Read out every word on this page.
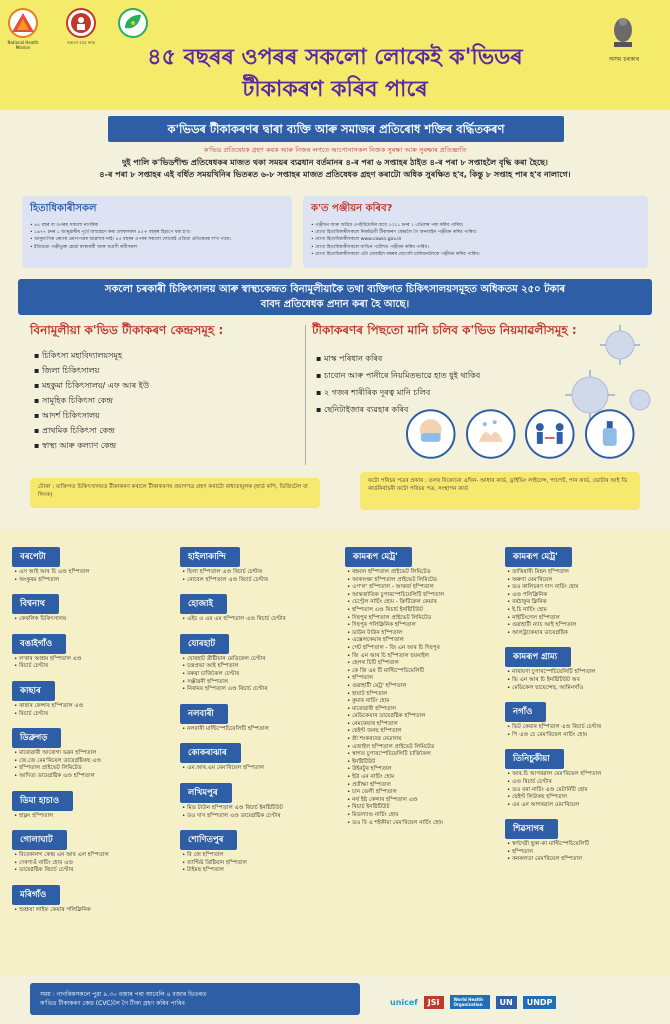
National Health Mission
সকলো বাবে স্বাস্থ্য
অসম চৰকাৰ
৪৫ বছৰৰ ওপৰৰ সকলো লোকেই ক'ভিডৰ
টীকাকৰণ কৰিব পাৰে
ক'ভিডৰ টীকাকৰণৰ দ্বাৰা ব্যক্তি আৰু সমাজৰ প্ৰতিৰোধ শক্তিৰ বৰ্দ্ধিতকৰণ
ক'ভিড প্ৰতিষেধক গ্ৰহণ কৰক আৰু নিজৰ লগতে আপোনাসকল নিজক সুৰক্ষা আৰু সুৰক্ষাৰ প্ৰতিজ্ঞাতি
দুই পালি ক'ভিডশীল্ড প্ৰতিষেধকৰ মাজত থকা সময়ৰ ব্যৱধান বৰ্তমানৰ ৪-ৰ পৰা ৬ সপ্তাহৰ ঠাইত ৪-ৰ পৰা ৮ সপ্তাহলৈ বৃদ্ধি কৰা হৈছে।
৪-ৰ পৰা ৮ সপ্তাহৰ এই বৰ্ধিত সময়খিনিৰ ভিতৰত ৬-৮ সপ্তাহৰ মাজত প্ৰতিষেধক গ্ৰহণ কৰাটো অধিক সুৰক্ষিত হ'ব, কিন্তু ৮ সপ্তাহ পাৰ হ'ব নালাগে।
হিতাধিকাৰীসকল
• ৪৫ বছৰ বা ওপৰৰ সকলো নাগৰিক
• ১৯৭৭ চনৰ ১ জানুৱাৰীৰ পূৰ্বে জন্মগ্ৰহণ কৰা লোকসকল ৪৫+ বছৰৰ হিচাপে ধৰা হ'ব।
• আনুষংগিক ৰোগৰ প্ৰমাণপত্ৰৰ আৱশ্যক নাই। ৪৫ বছৰৰ ওপৰৰ সকলো লোকেই এতিয়া প্ৰতিষেধক ল'ব পাৰে।
• ইতিমধ্যে পঞ্জীভুক্ত হোৱা স্বাস্থ্যকৰ্মী আৰু অগ্ৰণী কৰ্মীসকল
ক'ত পঞ্জীয়ন কৰিব?
• পঞ্জীয়ন আৰু অগ্ৰিম এপইণ্টমেণ্টৰ বাবে ২০২১ চনৰ ১ এপ্ৰিলৰ পৰা কৰিব পাৰিব।
• যোগ্য হিতাধিকাৰীসকলে নিকটৱৰ্তী টীকাকৰণ কেন্দ্ৰলৈ গৈ অনলাইন পঞ্জীয়ন কৰিব পাৰিব।
• যোগ্য হিতাধিকাৰীসকলে www.cowin.gov.in
• যোগ্য হিতাধিকাৰীসকলে ক'ভিন পৰ্টেলত পঞ্জীয়ন কৰিব পাৰিব।
• যোগ্য হিতাধিকাৰীসকলে এটা মোবাইল নম্বৰৰ যোগেদি চাৰিজনলৈকে পঞ্জীয়ন কৰিব পাৰিব।
সকলো চৰকাৰী চিকিৎসালয় আৰু স্বাস্থ্যকেন্দ্ৰত বিনামূলীয়াকৈ তথা ব্যক্তিগত চিকিৎসালয়সমূহত অধিকতম ২৫০ টকাৰ
বাবদ প্ৰতিষেধক প্ৰদান কৰা হৈ আছে।
বিনামূলীয়া ক'ভিড টীকাকৰণ কেন্দ্ৰসমূহ :
▪ চিকিৎসা মহাবিদ্যালয়সমূহ
▪ জিলা চিকিৎসালয়
▪ মহকুমা চিকিৎসালয়/ এফ আৰ ইউ
▪ সামূহিক চিকিৎসা কেন্দ্ৰ
▪ আদৰ্শ চিকিৎসালয়
▪ প্ৰাথমিক চিকিৎসা কেন্দ্ৰ
▪ স্বাস্থ্য আৰু কল্যাণ কেন্দ্ৰ
টীকাকৰণৰ পিছতো মানি চলিব ক'ভিড নিয়মাৱলীসমূহ :
▪ মাস্ক পৰিধান কৰিব
▪ চাবোন আৰু পানীৰে নিয়মিতভাৱে হাত ধুই থাকিব
▪ ২ গজৰ শাৰীৰিক দূৰত্ব মানি চলিব
▪ ছেনিটাইজাৰ ব্যৱহাৰ কৰিব
টোকা : ব্যক্তিগত চিকিৎসালয়ত টীকাকৰণ কৰালে টীকাকৰণৰ প্ৰমাণপত্ৰ গ্ৰহণ কৰাটো বাধ্যতামূলক (হাৰ্ড কপি, ডিজিটেল বা লিংক)
ফটো পৰিচয় পত্ৰৰ প্ৰকাৰ : তলৰ যিকোনো এখিন- আধাৰ কাৰ্ড, ড্ৰাইভিং লাইচেন্স, পাচপৰ্ট, পান কাৰ্ড, ভোটাৰ আই ডি কাৰ্ডনিৰ্বাচনী ফটো পৰিচয় পত্ৰ, সংস্থাপন কাৰ্ড
বৰপেটা
• এস আই আৰ চি এণ্ড হস্পিতাল
• অংকুৰম হস্পিতাল
বিশ্বনাথ
• কেথলিক চিকিৎসালয়
বঙাইগাঁও
• ল'ৰাৰ আশ্ৰম হস্পিতাল এণ্ড
• ৰিচাৰ্চ চেণ্টাৰ
কাছাৰ
• কাছাৰ কেন্সাৰ হস্পিতাল এণ্ড
• ৰিচাৰ্চ চেণ্টাৰ
ডিব্ৰুগড়
• মাৰোৱাৰী আৰোগ্য ভৱন হস্পিতাল
• জে.জে মেম'ৰিয়েল ডায়েগ্নষ্টিকছ এণ্ড
• হস্পিতাল প্ৰাইভেট লিমিটেড
• আদিত্য ডায়েগ্নষ্টিক এণ্ড হস্পিতাল
ডিমা হাচাও
• হাফ্লং হস্পিতাল
গোলাঘাট
• বিবেকানন্দ কেন্দ্ৰ এন আৰ এল হস্পিতাল
• দেৰগাওঁ নাৰ্চিং হোম এণ্ড
• ডায়েগ্নষ্টিক ৰিচাৰ্চ চেণ্টাৰ
মৰিগাঁও
• শুশ্ৰূষা লাইফ কেয়াৰ পলিক্লিনিক
হাইলাকান্দি
• ছিলা হস্পিতাল এণ্ড ৰিচাৰ্চ চেণ্টাৰ
• নোবেল হস্পিতাল এণ্ড ৰিচাৰ্চ চেণ্টাৰ
হোজাই
• এইচ এ এম এম হস্পিতাল এণ্ড ৰিচাৰ্চ চেণ্টাৰ
যোৰহাট
• যোৰহাট খ্ৰীষ্টীয়ান মেডিকেল চেণ্টাৰ
• চন্দ্ৰপ্ৰভা আই হস্পিতাল
• বৰুৱা চাৰ্জিকেল চেণ্টাৰ
• সঞ্জীৱনী হস্পিতাল
• নিৰাময় হস্পিতাল এণ্ড ৰিচাৰ্চ চেণ্টাৰ
নলবাৰী
• নলবাৰী মাল্টিস্পেচিয়েলিটি হস্পিতাল
কোকৰাঝাৰ
• এম.আৰ.এম মেম'ৰিয়েল হস্পিতাল
লখিমপুৰ
• মিড টাউন হস্পিতাল এণ্ড ৰিচাৰ্চ ইনষ্টিটিউট
• ডও দাস হস্পিতাল এণ্ড ডায়েগ্নষ্টিক চেণ্টাৰ
শোণিতপুৰ
• বি জে হস্পিতাল
• ব্যাপ্টিষ্ট খ্ৰিষ্টিয়ান হস্পিতাল
• টাইমছ হস্পিতাল
কামৰূপ মেট্ৰ'
• ৰহমান হস্পিতাল প্ৰাইভেট লিমিটেড
• আকাংক্ষা হস্পিতাল প্ৰাইভেট লিমিটেড
• এপ'ল' হস্পিতাল - আন্তৰ্জ হস্পিতাল
• আন্তৰ্জাতিক চুপাৰস্পেচিয়েলিটি হস্পিতাল
• চেণ্ট্ৰেল নাৰ্চিং হোম - ক্ৰিটিকেল কেয়াৰ
• হস্পিতাল এণ্ড ৰিচাৰ্চ ইনষ্টিটিউট
• দিছপুৰ হস্পিতাল প্ৰাইভেট লিমিটেড
• দিছপুৰ পলিক্লিনিক হস্পিতাল
• ডাউন টাউন হস্পিতাল
• এক্সেলকেয়াৰ হস্পিতাল
• গেট হস্পিতাল - জি এন আৰ চি দিছপুৰ
• জি এন আৰ চি হস্পিতাল ছয়মাইল
• হেলথ চিটি হস্পিতাল
• কে জি এম টি মাল্টিস্পেচিয়েলিটি
• হস্পিতাল
• গুৱাহাটী মেট্ৰ' হস্পিতাল
• হায়াট হস্পিতাল
• কুমাৰ নাৰ্চিং হোম
• মাৰোৱাৰী হস্পিতাল
• মেডিকেয়াৰ ডায়েগ্নষ্টিক হস্পিতাল
• নেমকেয়াৰ হস্পিতাল
• ছেইণ্ট জনছ হস্পিতাল
• শ্ৰী শংকৰদেৱ নেত্ৰালয়
• এজাইল হস্পিতাল প্ৰাইভেট লিমিটেড
• স্বাগত চুপাৰস্পেচিয়েলিটি চাৰ্জিকেল
• ইনষ্টিটিউট
• উইনটুৰ হস্পিতাল
• ইউ এন নাৰ্চিং হোম
• প্ৰতীক্ষা হস্পিতাল
• চান ভেলী হস্পিতাল
• নৰ্থ ইষ্ট কেন্সাৰ হস্পিতাল এণ্ড
• ৰিচাৰ্চ ইনষ্টিটিউট
• মিডল্যাণ্ড নাৰ্চিং হোম
• ডও বি এ শইকীয়া মেম'ৰিয়েল নাৰ্চিং হোম
কামৰূপ মেট্ৰ'
• তাত্তিৰাৰী মিছন হস্পিতাল
• অৰুণা মেম'ৰিয়েল
• ডও কালিচৰণ দাস নাৰ্চিং হোম
• এণ্ড পলিক্লিনিক
• বৰঠাকুৰ ক্লিনিক
• ই.চি নাৰ্চিং হোম
• নাইটিংগেল হস্পিতাল
• গুৱাহাটী ন্যাচ আই হস্পিতাল
• আলট্ৰাকেয়াৰ ডায়েগ্নষ্টিক
কামৰূপ গ্ৰাম্য
• নাৰায়ণা চুপাৰস্পেচিয়েলিটি হস্পিতাল
• ভি এন আৰ চি ইনষ্টিটিউট অব
• মেডিকেল ছায়েন্সেছ, আমিনগাঁও
নগাঁও
• ভিট কেয়াৰ হস্পিতাল এণ্ড ৰিচাৰ্চ চেণ্টাৰ
• পি এণ্ড চে মেম'ৰিয়েল নাৰ্চিং হোম
তিনিচুকীয়া
• আৰ.চি আগৰৱাল মেম'ৰিয়েল হস্পিতাল
• এণ্ড ৰিচাৰ্চ চেণ্টাৰ
• ডও বৰা নাৰ্চিং এণ্ড মেটাৰ্নিটি হোম
• ছেইণ্ট লিউকছ হস্পিতাল
• এম এন আগৰৱাল মেম'ৰিয়েল
শিৱসাগৰ
• স্বৰ্ণদেৱী ছুকা-কা মাল্টিস্পেচিয়েলিটি
• হস্পিতাল
• কনকলতা মেম'ৰিয়েল হস্পিতাল
সময় : নাগৰিকসকলে পুৱা ৯.৩০ বজাৰ পৰা আবেলি ৪ বজাৰ ভিতৰত
ক'ভিড টীকাকৰণ কেন্দ্ৰ (CVC)লৈ গৈ টীকা গ্ৰহণ কৰিব পাৰিব	unicef	JSI	World Health Organization	UN	UNDP
